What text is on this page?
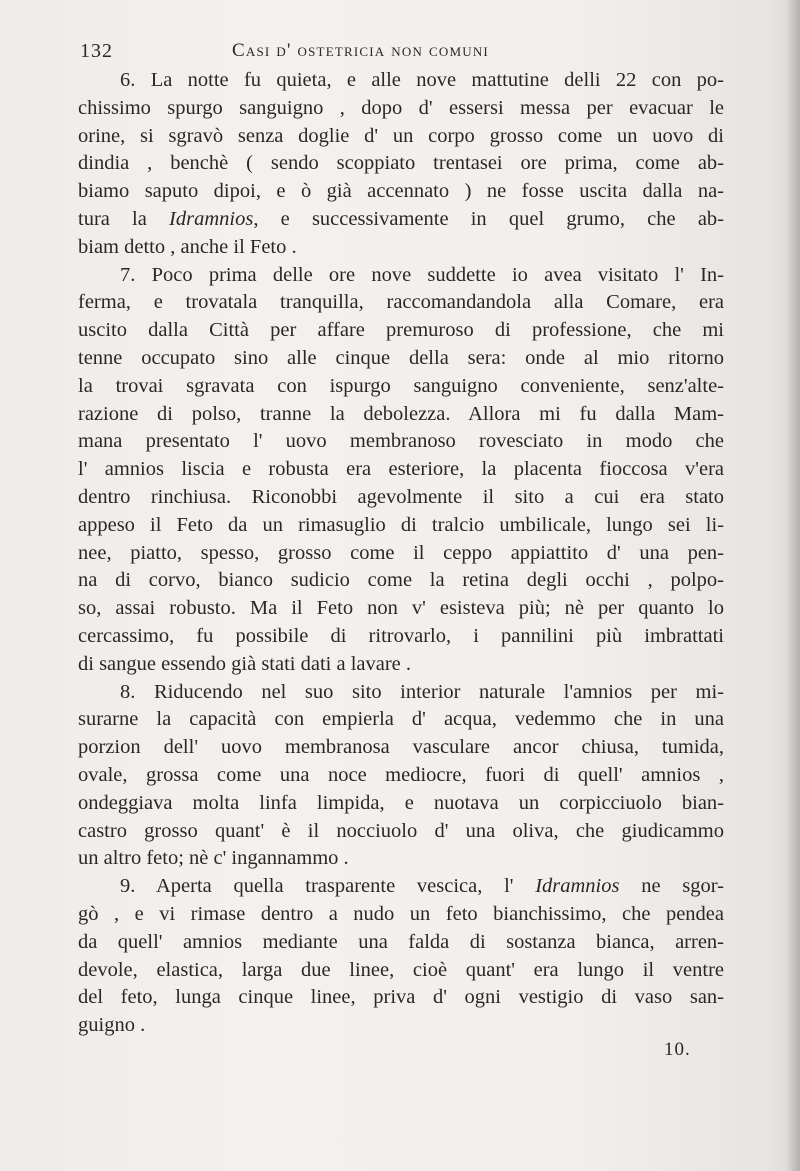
132	Casi d' ostetricia non comuni
6. La notte fu quieta, e alle nove mattutine delli 22 con po-
chissimo spurgo sanguigno , dopo d' essersi messa per evacuar le
orine, si sgravò senza doglie d' un corpo grosso come un uovo di
dindia , benchè ( sendo scoppiato trentasei ore prima, come ab-
biamo saputo dipoi, e ò già accennato ) ne fosse uscita dalla na-
tura la Idramnios, e successivamente in quel grumo, che ab-
biam detto , anche il Feto .
7. Poco prima delle ore nove suddette io avea visitato l' In-
ferma, e trovatala tranquilla, raccomandandola alla Comare, era
uscito dalla Città per affare premuroso di professione, che mi
tenne occupato sino alle cinque della sera: onde al mio ritorno
la trovai sgravata con ispurgo sanguigno conveniente, senz'alte-
razione di polso, tranne la debolezza. Allora mi fu dalla Mam-
mana presentato l' uovo membranoso rovesciato in modo che
l' amnios liscia e robusta era esteriore, la placenta fioccosa v'era
dentro rinchiusa. Riconobbi agevolmente il sito a cui era stato
appeso il Feto da un rimasuglio di tralcio umbilicale, lungo sei li-
nee, piatto, spesso, grosso come il ceppo appiattito d' una pen-
na di corvo, bianco sudicio come la retina degli occhi , polpo-
so, assai robusto. Ma il Feto non v' esisteva più; nè per quanto lo
cercassimo, fu possibile di ritrovarlo, i pannilini più imbrattati
di sangue essendo già stati dati a lavare .
8. Riducendo nel suo sito interior naturale l'amnios per mi-
surarne la capacità con empierla d' acqua, vedemmo che in una
porzion dell' uovo membranosa vasculare ancor chiusa, tumida,
ovale, grossa come una noce mediocre, fuori di quell' amnios ,
ondeggiava molta linfa limpida, e nuotava un corpicciuolo bian-
castro grosso quant' è il nocciuolo d' una oliva, che giudicammo
un altro feto; nè c' ingannammo .
9. Aperta quella trasparente vescica, l' Idramnios ne sgor-
gò , e vi rimase dentro a nudo un feto bianchissimo, che pendea
da quell' amnios mediante una falda di sostanza bianca, arren-
devole, elastica, larga due linee, cioè quant' era lungo il ventre
del feto, lunga cinque linee, priva d' ogni vestigio di vaso san-
guigno .
10.
